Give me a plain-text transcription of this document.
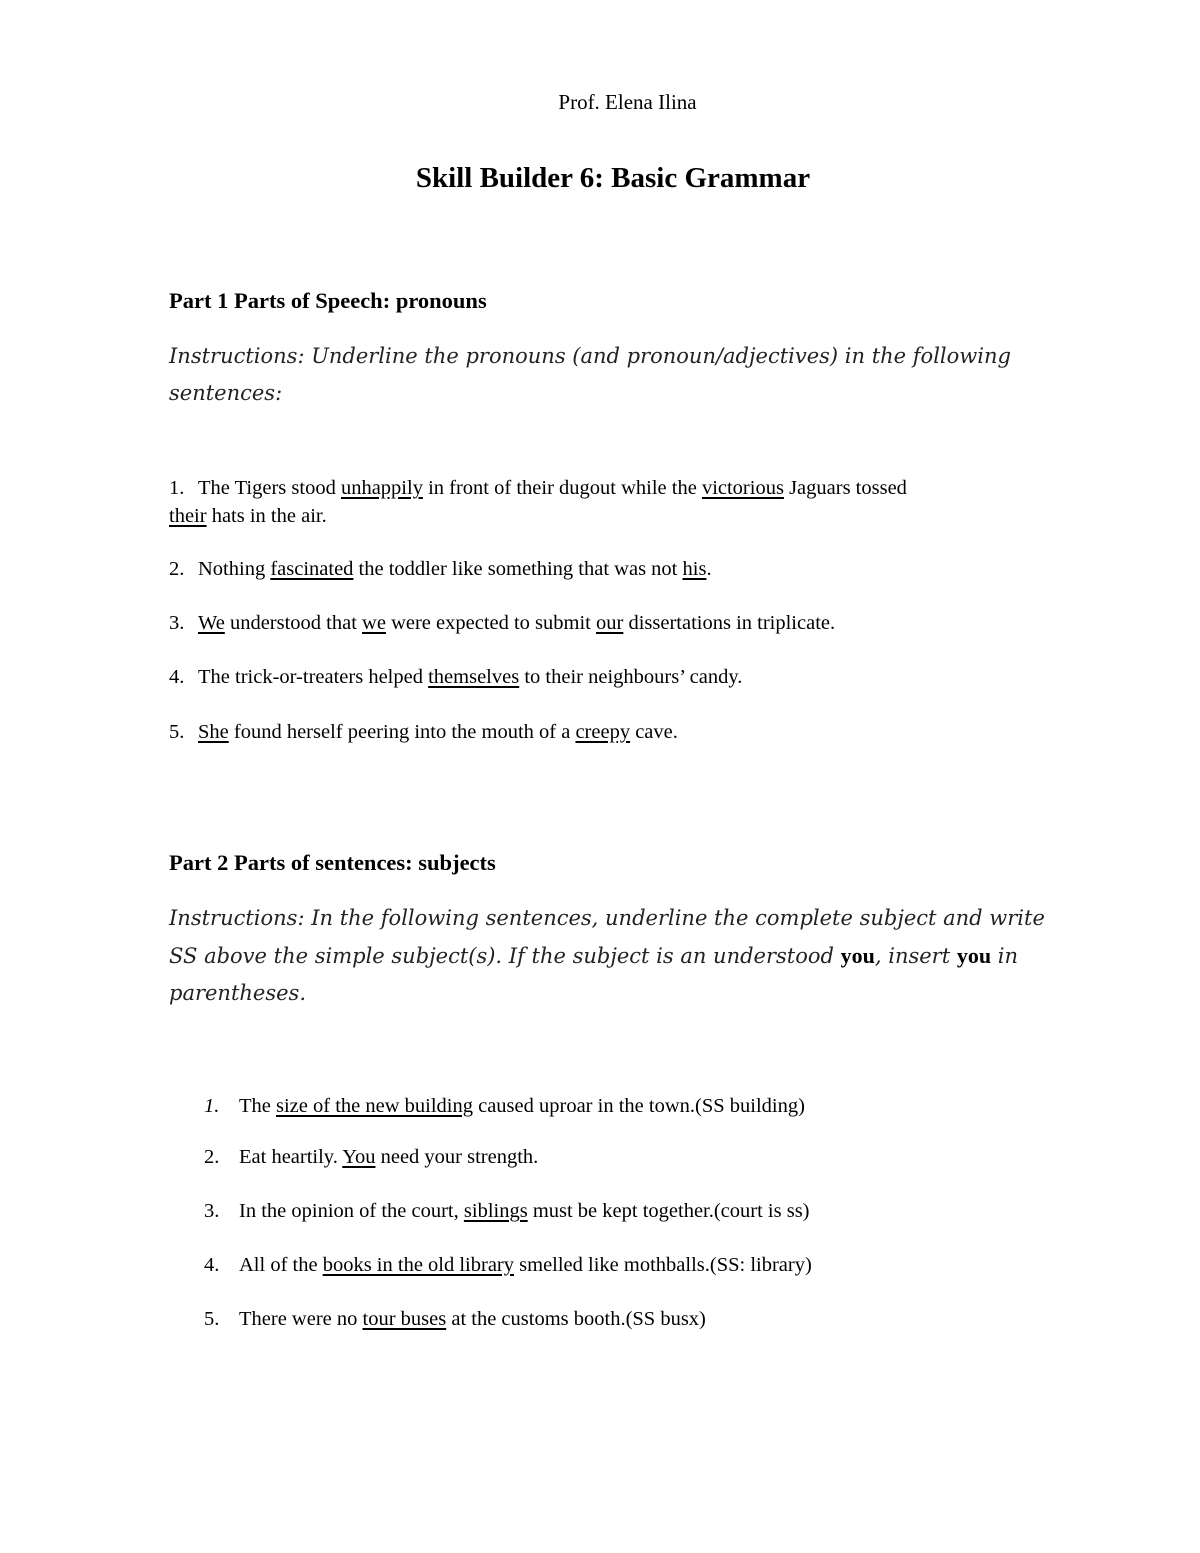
Prof. Elena Ilina
Skill Builder 6: Basic Grammar
Part 1 Parts of Speech: pronouns
Instructions: Underline the pronouns (and pronoun/adjectives) in the following sentences:
1. The Tigers stood unhappily in front of their dugout while the victorious Jaguars tossed
their hats in the air.
2. Nothing fascinated the toddler like something that was not his.
3. We understood that we were expected to submit our dissertations in triplicate.
4. The trick-or-treaters helped themselves to their neighbours’ candy.
5. She found herself peering into the mouth of a creepy cave.
Part 2 Parts of sentences: subjects
Instructions: In the following sentences, underline the complete subject and write SS above the simple subject(s). If the subject is an understood you, insert you in parentheses.
1. The size of the new building caused uproar in the town.(SS building)
2. Eat heartily. You need your strength.
3. In the opinion of the court, siblings must be kept together.(court is ss)
4. All of the books in the old library smelled like mothballs.(SS: library)
5. There were no tour buses at the customs booth.(SS busx)
